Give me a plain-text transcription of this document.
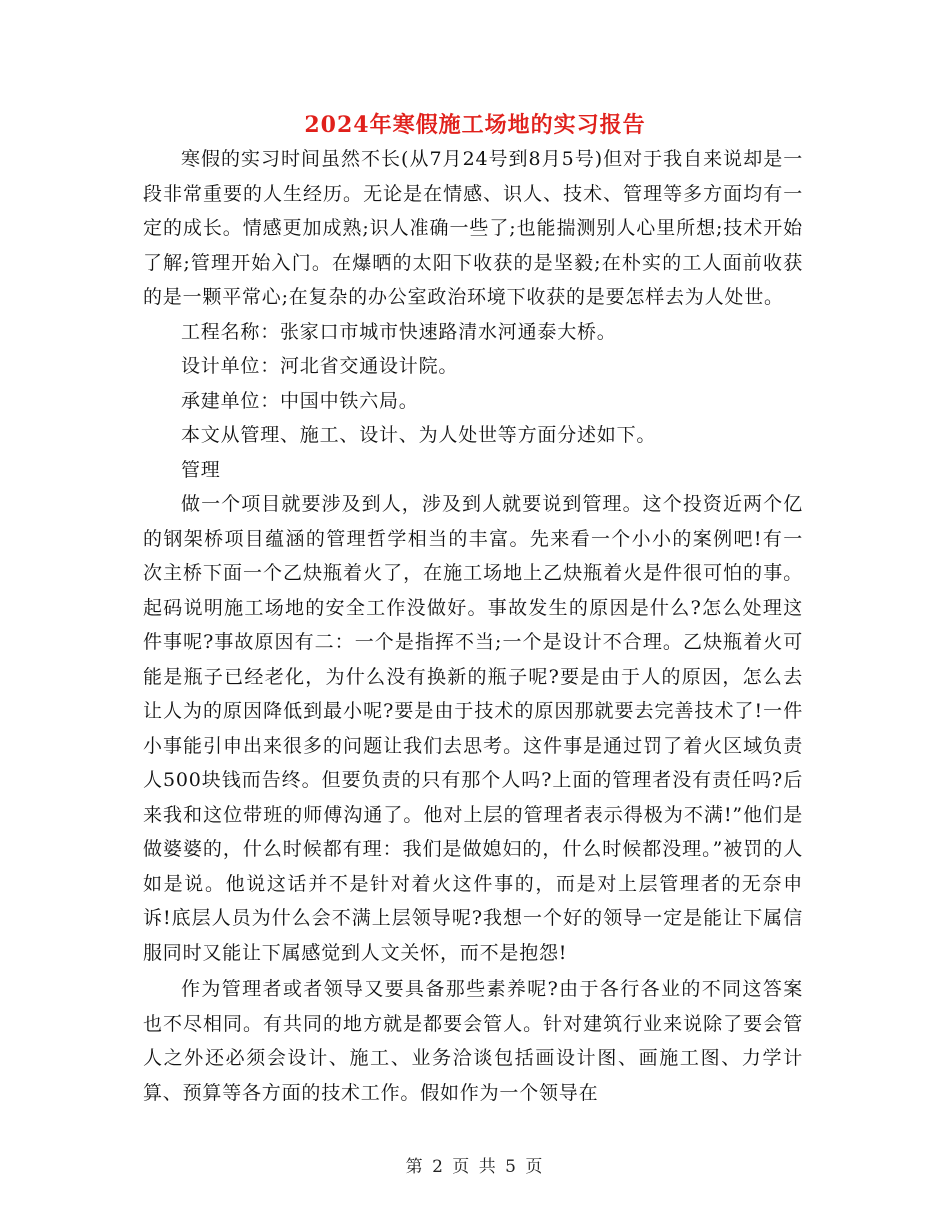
2024年寒假施工场地的实习报告

寒假的实习时间虽然不长(从7月24号到8月5号)但对于我自来说却是一段非常重要的人生经历。无论是在情感、识人、技术、管理等多方面均有一定的成长。情感更加成熟;识人准确一些了;也能揣测别人心里所想;技术开始了解;管理开始入门。在爆晒的太阳下收获的是坚毅;在朴实的工人面前收获的是一颗平常心;在复杂的办公室政治环境下收获的是要怎样去为人处世。

工程名称：张家口市城市快速路清水河通泰大桥。

设计单位：河北省交通设计院。

承建单位：中国中铁六局。

本文从管理、施工、设计、为人处世等方面分述如下。

管理

做一个项目就要涉及到人，涉及到人就要说到管理。这个投资近两个亿的钢架桥项目蕴涵的管理哲学相当的丰富。先来看一个小小的案例吧!有一次主桥下面一个乙炔瓶着火了，在施工场地上乙炔瓶着火是件很可怕的事。起码说明施工场地的安全工作没做好。事故发生的原因是什么?怎么处理这件事呢?事故原因有二：一个是指挥不当;一个是设计不合理。乙炔瓶着火可能是瓶子已经老化，为什么没有换新的瓶子呢?要是由于人的原因，怎么去让人为的原因降低到最小呢?要是由于技术的原因那就要去完善技术了!一件小事能引申出来很多的问题让我们去思考。这件事是通过罚了着火区域负责人500块钱而告终。但要负责的只有那个人吗?上面的管理者没有责任吗?后来我和这位带班的师傅沟通了。他对上层的管理者表示得极为不满!”他们是做婆婆的，什么时候都有理：我们是做媳妇的，什么时候都没理。”被罚的人如是说。他说这话并不是针对着火这件事的，而是对上层管理者的无奈申诉!底层人员为什么会不满上层领导呢?我想一个好的领导一定是能让下属信服同时又能让下属感觉到人文关怀，而不是抱怨!

作为管理者或者领导又要具备那些素养呢?由于各行各业的不同这答案也不尽相同。有共同的地方就是都要会管人。针对建筑行业来说除了要会管人之外还必须会设计、施工、业务洽谈包括画设计图、画施工图、力学计算、预算等各方面的技术工作。假如作为一个领导在

第 2 页 共 5 页
